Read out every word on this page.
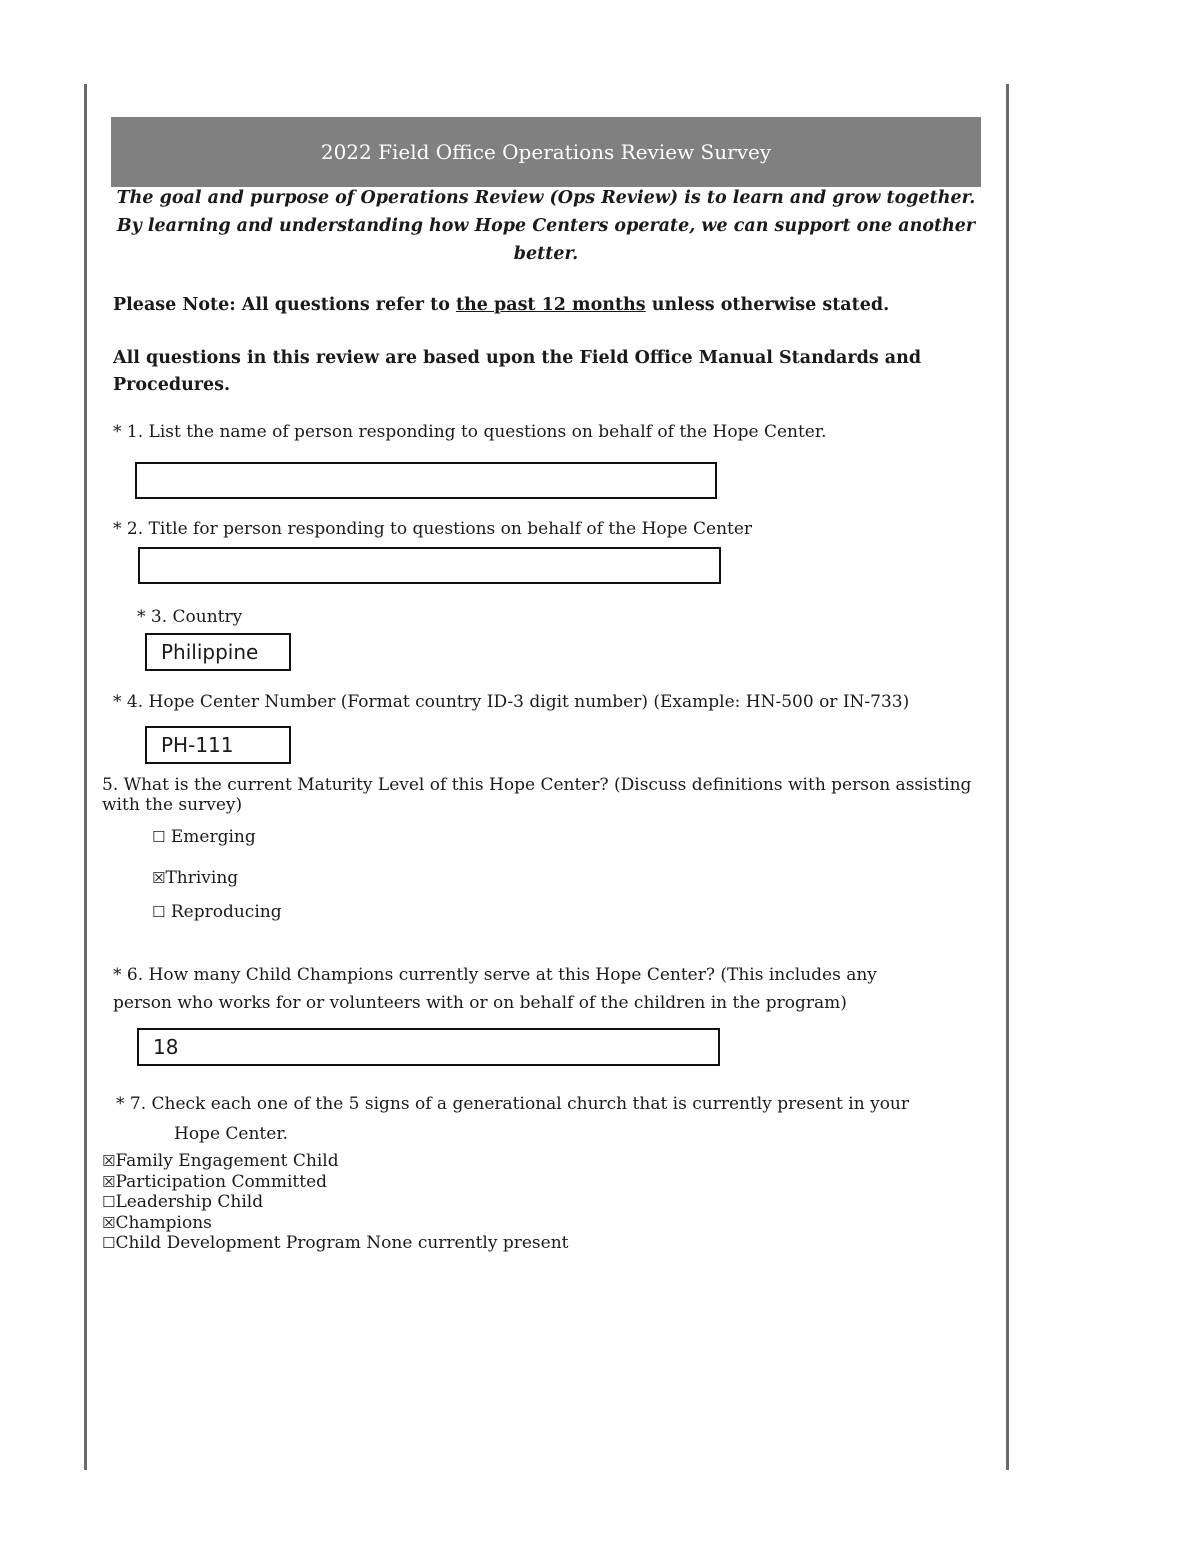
2022 Field Office Operations Review Survey
The goal and purpose of Operations Review (Ops Review) is to learn and grow together. By learning and understanding how Hope Centers operate, we can support one another better.
Please Note: All questions refer to the past 12 months unless otherwise stated.
All questions in this review are based upon the Field Office Manual Standards and Procedures.
* 1. List the name of person responding to questions on behalf of the Hope Center.
* 2. Title for person responding to questions on behalf of the Hope Center
* 3. Country
Philippine
* 4. Hope Center Number (Format country ID-3 digit number) (Example: HN-500 or IN-733)
PH-111
5. What is the current Maturity Level of this Hope Center? (Discuss definitions with person assisting
with the survey)
☐ Emerging
☒Thriving
☐ Reproducing
* 6. How many Child Champions currently serve at this Hope Center? (This includes any
person who works for or volunteers with or on behalf of the children in the program)
18
* 7. Check each one of the 5 signs of a generational church that is currently present in your
Hope Center.
☒Family Engagement Child
☒Participation Committed
☐Leadership Child
☒Champions
☐Child Development Program None currently present
